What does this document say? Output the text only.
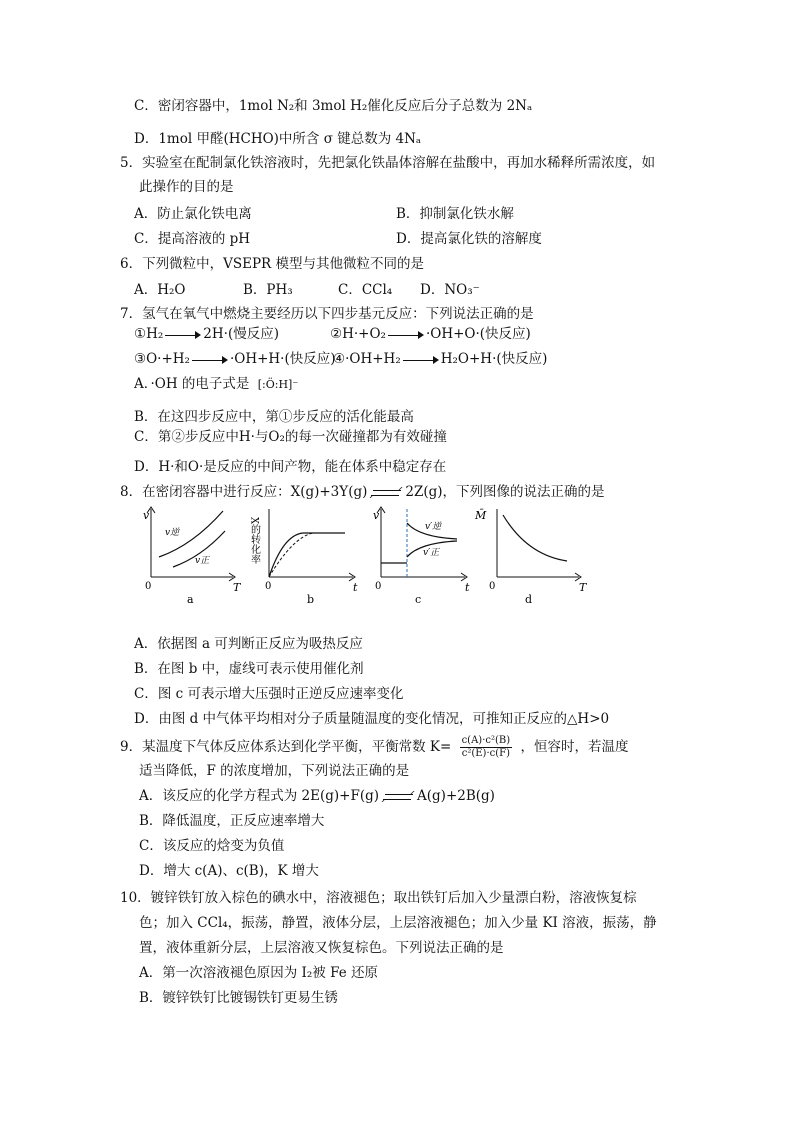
C．密闭容器中，1mol N₂和 3mol H₂催化反应后分子总数为 2Nₐ
D．1mol 甲醛(HCHO)中所含 σ 键总数为 4Nₐ
5．实验室在配制氯化铁溶液时，先把氯化铁晶体溶解在盐酸中，再加水稀释所需浓度，如
此操作的目的是
A．防止氯化铁电离	B．抑制氯化铁水解
C．提高溶液的 pH	D．提高氯化铁的溶解度
6．下列微粒中，VSEPR 模型与其他微粒不同的是
A．H₂O	B．PH₃	C．CCl₄ D．NO₃⁻
7．氢气在氧气中燃烧主要经历以下四步基元反应：下列说法正确的是
①H₂	2H·(慢反应)	②H·+O₂	·OH+O·(快反应)
③O·+H₂	·OH+H·(快反应)
④·OH+H₂	H₂O+H·(快反应)
A．·OH 的电子式是 [:Ö:H]⁻
B．在这四步反应中，第①步反应的活化能最高
C．第②步反应中H·与O₂的每一次碰撞都为有效碰撞
D．H·和O·是反应的中间产物，能在体系中稳定存在
8．在密闭容器中进行反应：X(g)+3Y(g)	2Z(g)，下列图像的说法正确的是
v
T
0
v逆
v正
a
X的转化率
t
0
b
v
t
0
v′逆
v′正
c
M̄
T
0
d
A．依据图 a 可判断正反应为吸热反应
B．在图 b 中，虚线可表示使用催化剂
C．图 c 可表示增大压强时正逆反应速率变化
D．由图 d 中气体平均相对分子质量随温度的变化情况，可推知正反应的△H>0
9．某温度下气体反应体系达到化学平衡，平衡常数 $K= \frac{\text{c(A)·c²(B)}}{\text{c²(E)·c(F)}}$ ，恒容时，若温度
适当降低，F 的浓度增加，下列说法正确的是
A．该反应的化学方程式为 2E(g)+F(g)	A(g)+2B(g)
B．降低温度，正反应速率增大
C．该反应的焓变为负值
D．增大 c(A)、c(B)，K 增大
10．镀锌铁钉放入棕色的碘水中，溶液褪色；取出铁钉后加入少量漂白粉，溶液恢复棕
色；加入 CCl₄，振荡，静置，液体分层，上层溶液褪色；加入少量 KI 溶液，振荡，静
置，液体重新分层，上层溶液又恢复棕色。下列说法正确的是
A．第一次溶液褪色原因为 I₂被 Fe 还原
B．镀锌铁钉比镀锡铁钉更易生锈
